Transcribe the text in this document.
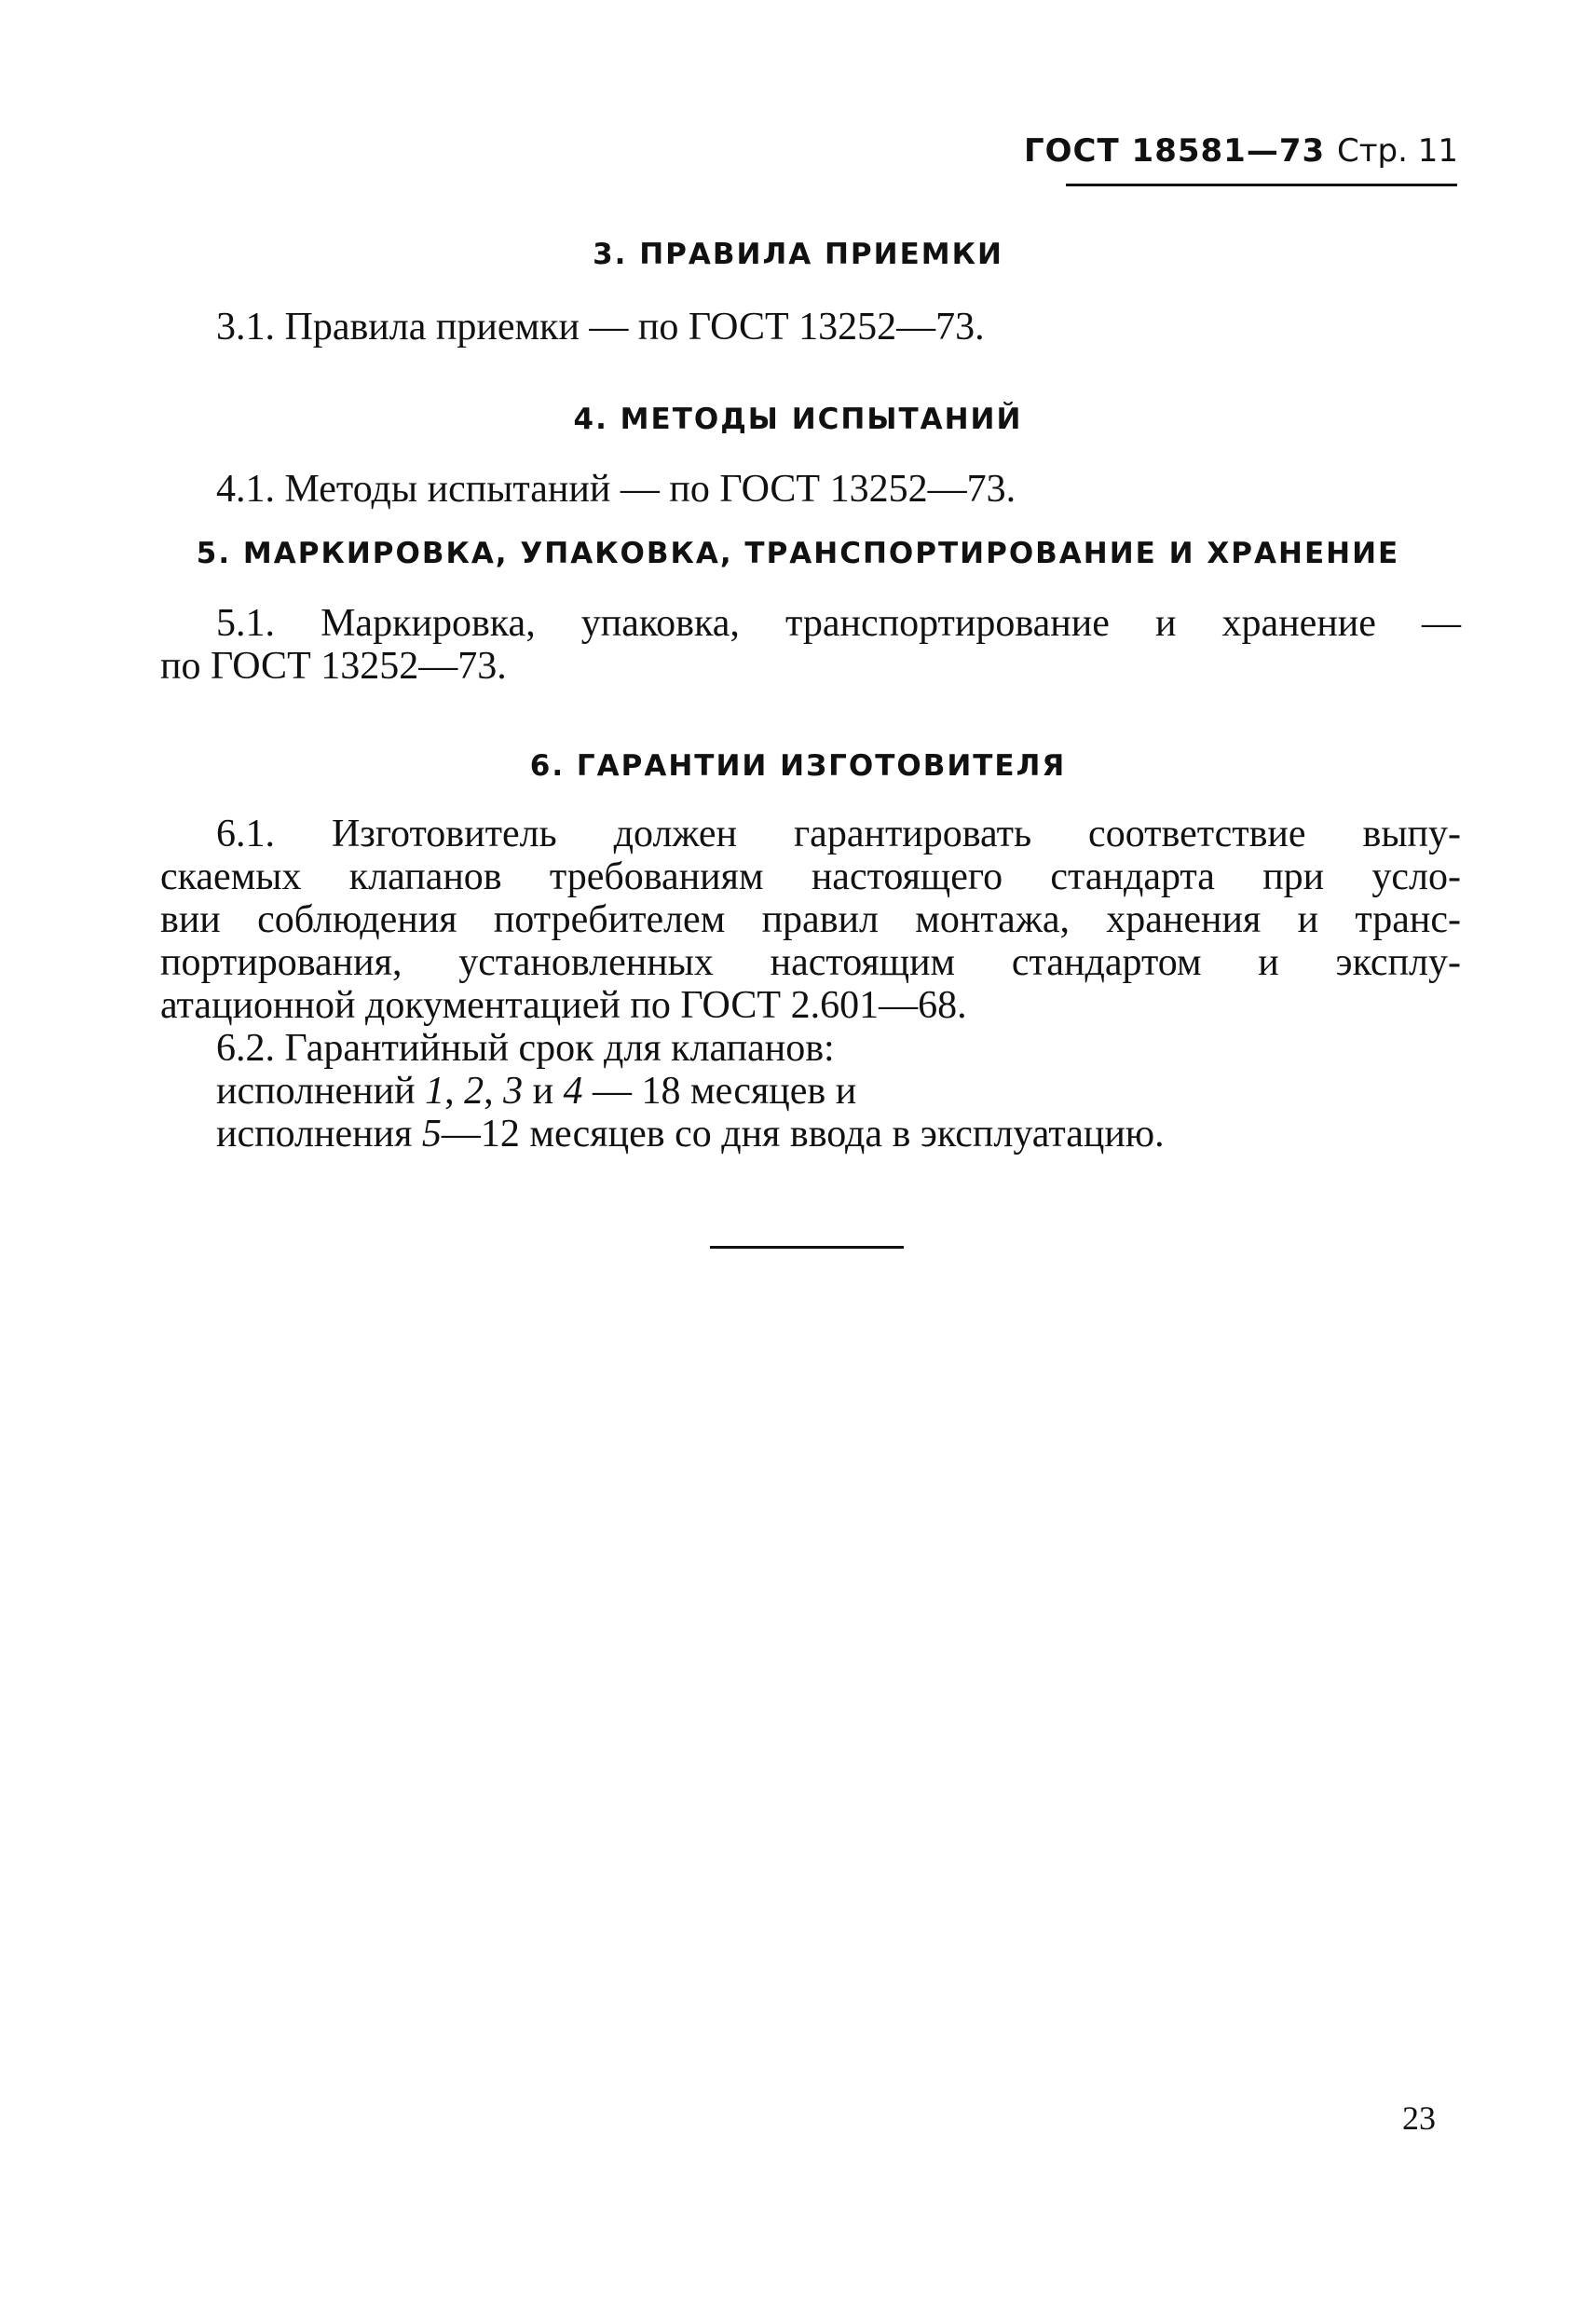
ГОСТ 18581—73 Стр. 11
3. ПРАВИЛА ПРИЕМКИ
3.1. Правила приемки — по ГОСТ 13252—73.
4. МЕТОДЫ ИСПЫТАНИЙ
4.1. Методы испытаний — по ГОСТ 13252—73.
5. МАРКИРОВКА, УПАКОВКА, ТРАНСПОРТИРОВАНИЕ И ХРАНЕНИЕ
5.1. Маркировка, упаковка, транспортирование и хранение —
по ГОСТ 13252—73.
6. ГАРАНТИИ ИЗГОТОВИТЕЛЯ
6.1. Изготовитель должен гарантировать соответствие выпу-
скаемых клапанов требованиям настоящего стандарта при усло-
вии соблюдения потребителем правил монтажа, хранения и транс-
портирования, установленных настоящим стандартом и эксплу-
атационной документацией по ГОСТ 2.601—68.
6.2. Гарантийный срок для клапанов:
исполнений 1, 2, 3 и 4 — 18 месяцев и
исполнения 5—12 месяцев со дня ввода в эксплуатацию.
23
